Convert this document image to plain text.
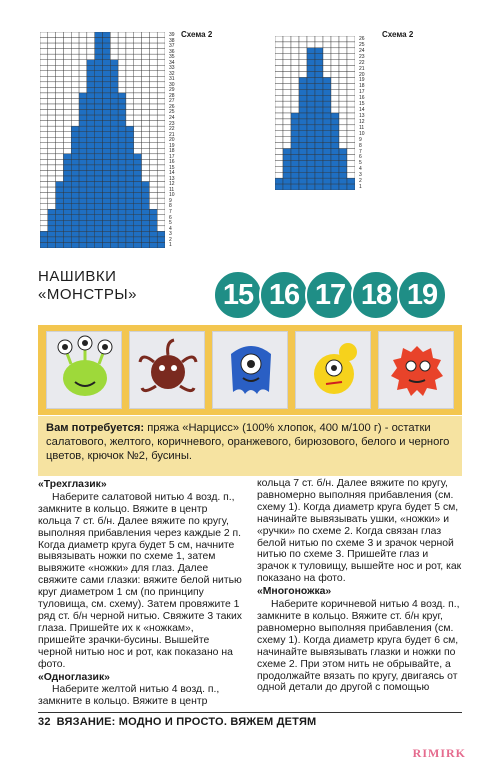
39
38
37
36
35
34
33
32
31
30
29
28
27
26
25
24
23
22
21
20
19
18
17
16
15
14
13
12
11
10
9
8
7
6
5
4
3
2
1
Схема 2	26
25
24
23
22
21
20
19
18
17
16
15
14
13
12
11
10
9
8
7
6
5
4
3
2
1
Схема 2
НАШИВКИ
«МОНСТРЫ»	15 16 17 18 19
Вам потребуется: пряжа «Нарцисс» (100% хлопок, 400 м/100 г) - остатки салатового, желтого, коричневого, оранжевого, бирюзового, белого и черного цветов, крючок №2, бусины.
«Трехглазик»

Наберите салатовой нитью 4 возд. п., замкните в кольцо. Вяжите в центр кольца 7 ст. б/н. Далее вяжите по кругу, выполняя прибавления через каждые 2 п. Когда диаметр круга будет 5 см, начните вывязывать ножки по схеме 1, затем вывяжите «ножки» для глаз. Далее свяжите сами глазки: вяжите белой нитью круг диаметром 1 см (по принципу туловища, см. схему). Затем провяжите 1 ряд ст. б/н черной нитью. Свяжите 3 таких глаза. Пришейте их к «ножкам», пришейте зрачки-бусины. Вышейте черной нитью нос и рот, как показано на фото.

«Одноглазик»

Наберите желтой нитью 4 возд. п., замкните в кольцо. Вяжите в центр

кольца 7 ст. б/н. Далее вяжите по кругу, равномерно выполняя прибавления (см. схему 1). Когда диаметр круга будет 5 см, начинайте вывязывать ушки, «ножки» и «ручки» по схеме 2. Когда связан глаз белой нитью по схеме 3 и зрачок черной нитью по схеме 3. Пришейте глаз и зрачок к туловищу, вышейте нос и рот, как показано на фото.

«Многоножка»

Наберите коричневой нитью 4 возд. п., замкните в кольцо. Вяжите ст. б/н круг, равномерно выполняя прибавления (см. схему 1). Когда диаметр круга будет 6 см, начинайте вывязывать глазки и ножки по схеме 2. При этом нить не обрывайте, а продолжайте вязать по кругу, двигаясь от одной детали до другой с помощью

32 ВЯЗАНИЕ: МОДНО И ПРОСТО. ВЯЖЕМ ДЕТЯМ
RIMIRK
